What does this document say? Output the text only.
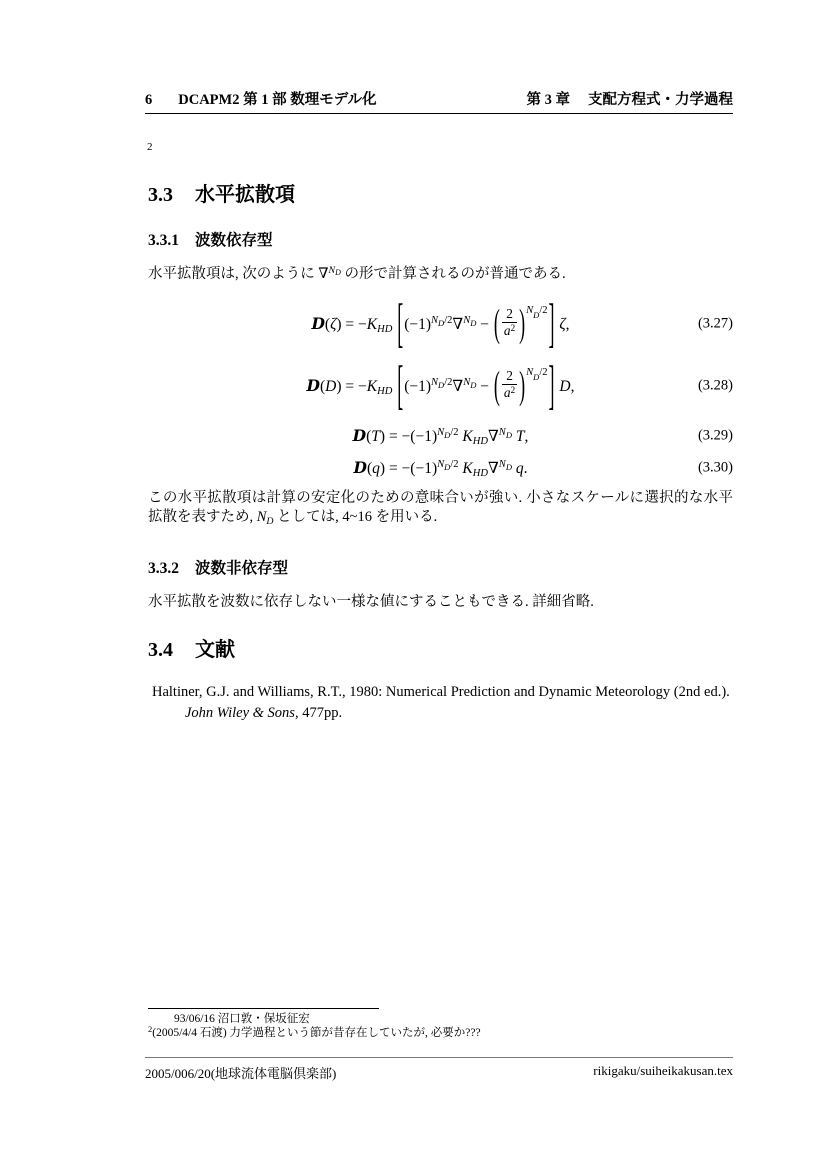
6 DCAPM2 第 1 部 数理モデル化	第 3 章 支配方程式・力学過程
2
3.3 水平拡散項
3.3.1 波数依存型

水平拡散項は, 次のように ∇$^N$D の形で計算されるのが普通である.

$D(\zeta) = -K_{HD}$ [$(-1)^ND^{/2}\nabla^ND$ − ( $\frac{2}{a^2} )^{ND/2}$] ζ,	(3.27)
$D(D) = -K_{HD}$ [$(-1)^ND^{/2}\nabla^ND$ − ( $\frac{2}{a^2} )^{ND/2}$] D,	(3.28)
$D(T) = -(-1)^ND^{/2}$ $K_{HD}\nabla^ND$ T,	(3.29)
$D(q) = -(-1)^ND^{/2}$ $K_{HD}\nabla^ND$ q.	(3.30)

この水平拡散項は計算の安定化のための意味合いが強い. 小さなスケールに選択的な水平拡散を表すため, $N_D$ としては, 4~16 を用いる.

3.3.2 波数非依存型

水平拡散を波数に依存しない一様な値にすることもできる. 詳細省略.

3.4 文献

Haltiner, G.J. and Williams, R.T., 1980: Numerical Prediction and Dynamic Meteorology (2nd ed.). John Wiley & Sons, 477pp.

93/06/16 沼口敦・保坂征宏
$^2$(2005/4/4 石渡) 力学過程という節が昔存在していたが, 必要か???
2005/006/20(地球流体電脳倶楽部)	rikigaku/suiheikakusan.tex
